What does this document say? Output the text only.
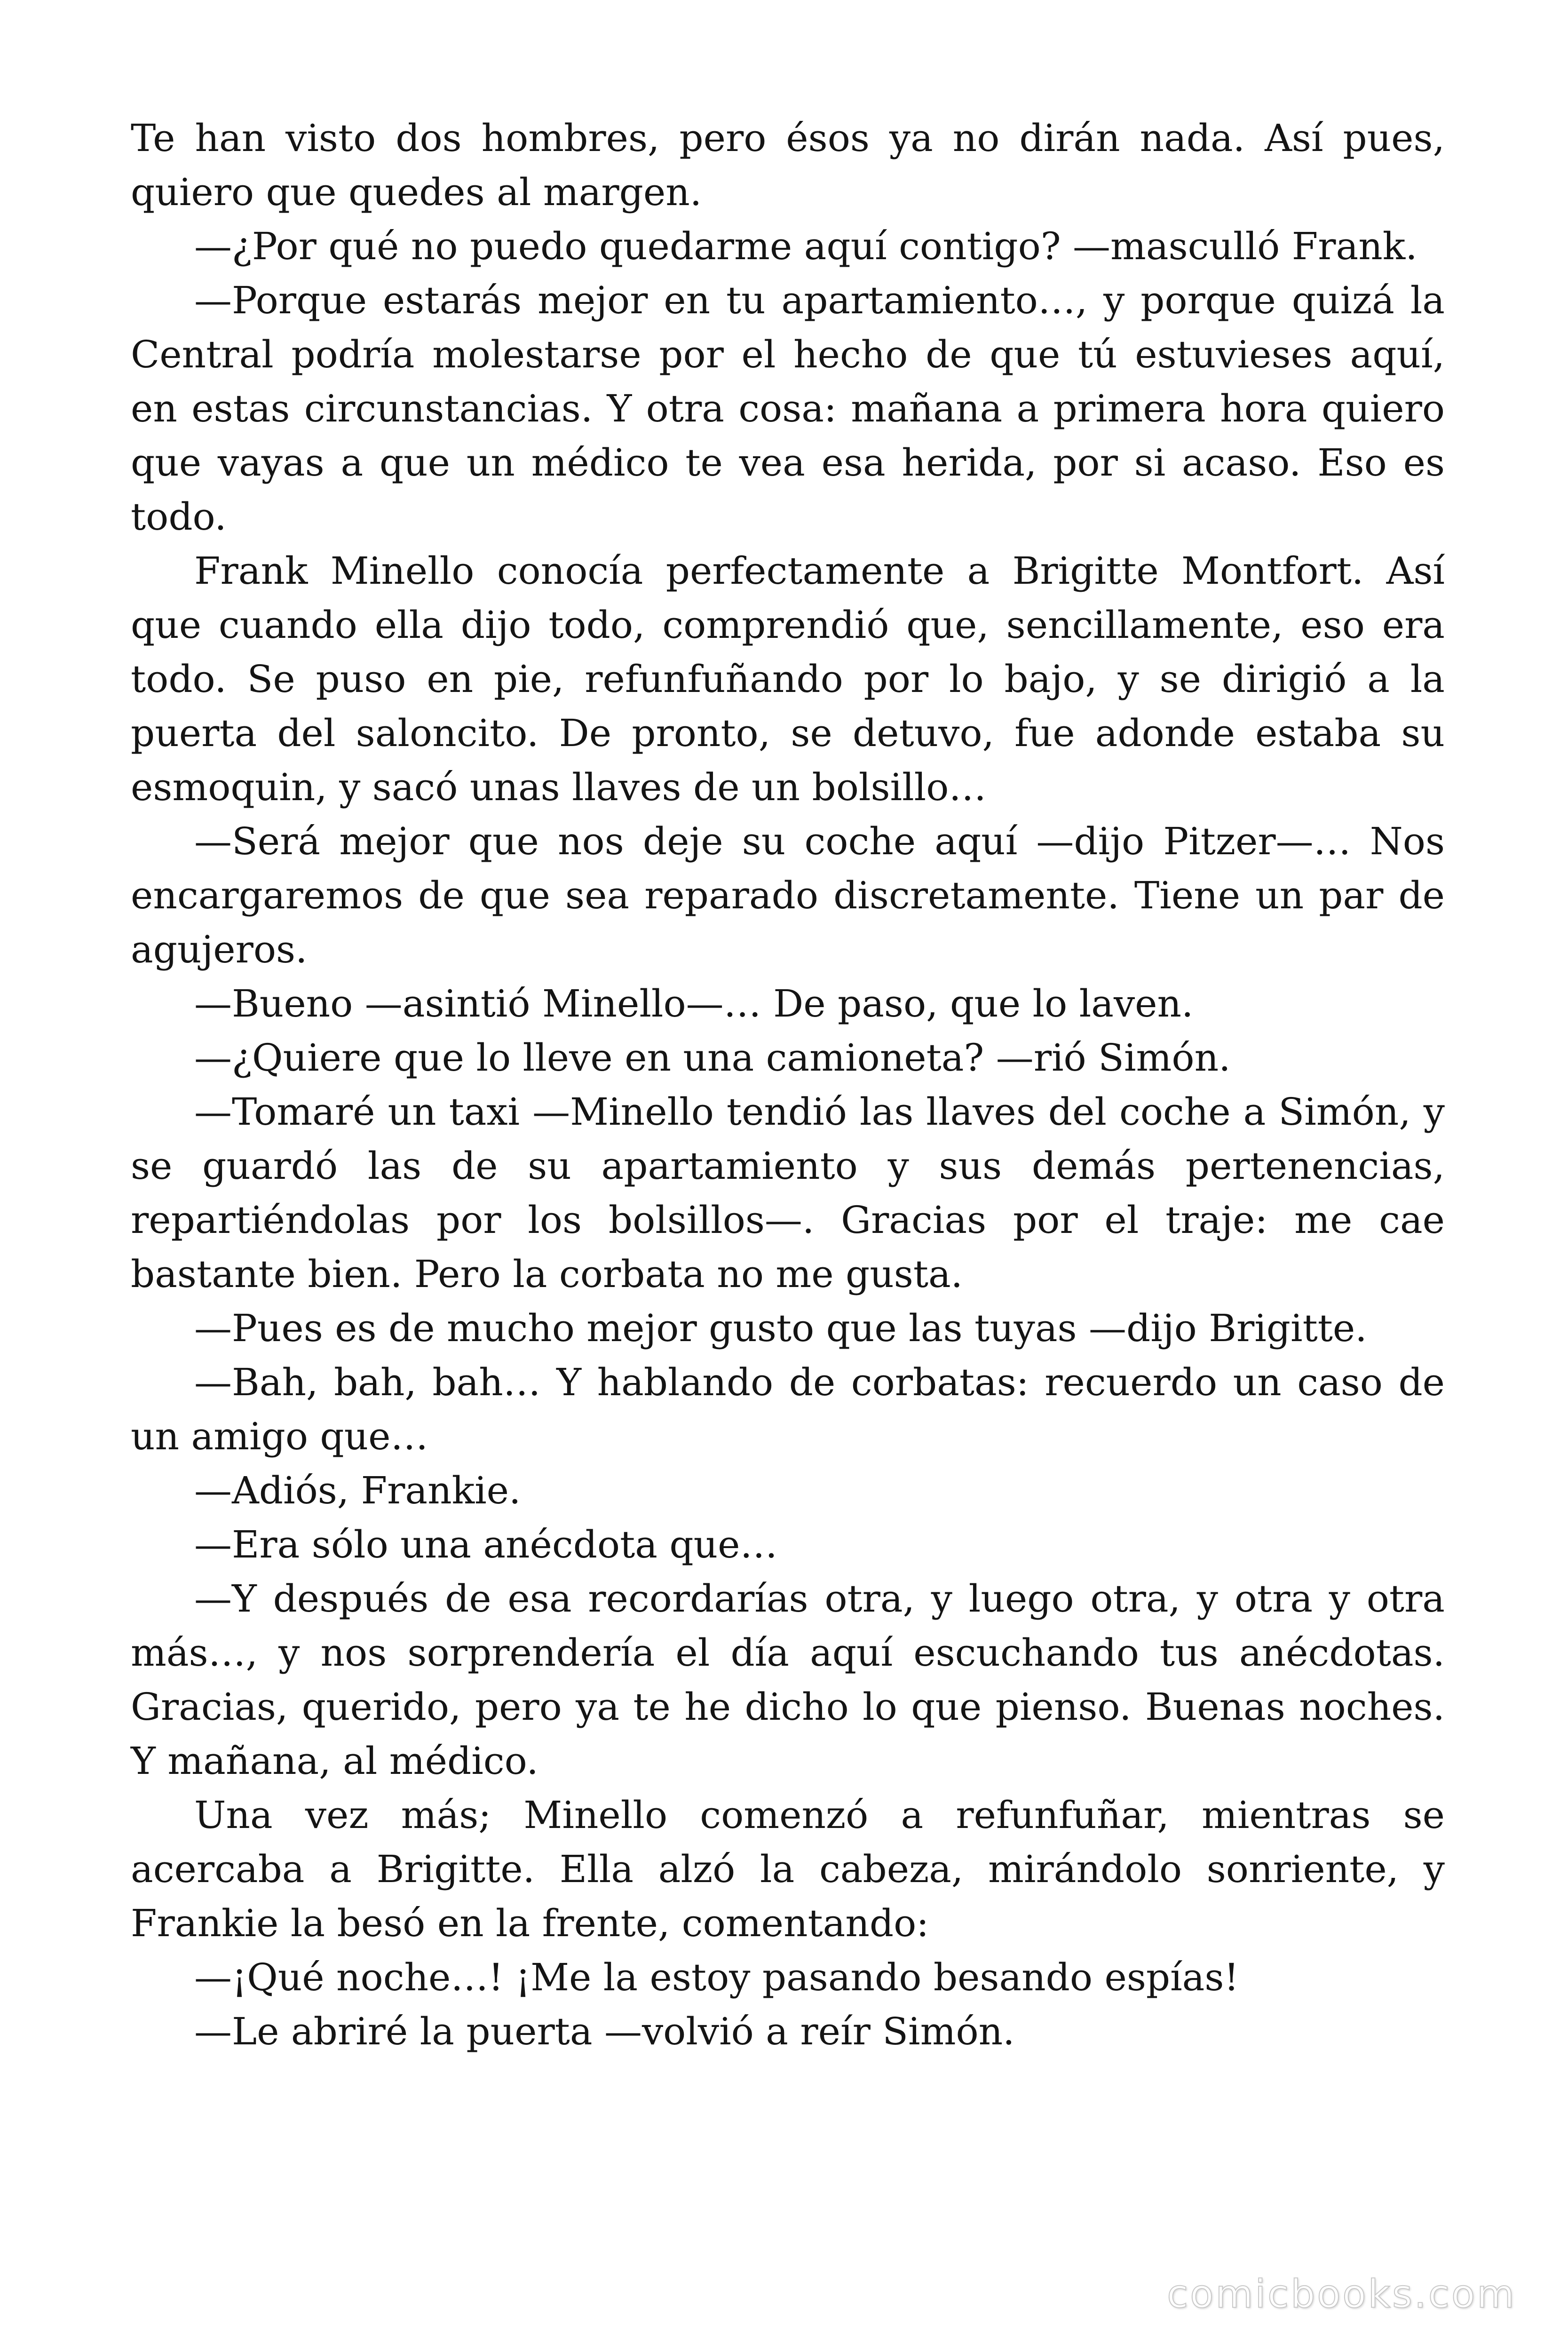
Te han visto dos hombres, pero ésos ya no dirán nada. Así pues, quiero que quedes al margen.

—¿Por qué no puedo quedarme aquí contigo? —masculló Frank.

—Porque estarás mejor en tu apartamiento…, y porque quizá la Central podría molestarse por el hecho de que tú estuvieses aquí, en estas circunstancias. Y otra cosa: mañana a primera hora quiero que vayas a que un médico te vea esa herida, por si acaso. Eso es todo.

Frank Minello conocía perfectamente a Brigitte Montfort. Así que cuando ella dijo todo, comprendió que, sencillamente, eso era todo. Se puso en pie, refunfuñando por lo bajo, y se dirigió a la puerta del saloncito. De pronto, se detuvo, fue adonde estaba su esmoquin, y sacó unas llaves de un bolsillo…

—Será mejor que nos deje su coche aquí —dijo Pitzer—… Nos encargaremos de que sea reparado discretamente. Tiene un par de agujeros.

—Bueno —asintió Minello—… De paso, que lo laven.

—¿Quiere que lo lleve en una camioneta? —rió Simón.

—Tomaré un taxi —Minello tendió las llaves del coche a Simón, y se guardó las de su apartamiento y sus demás pertenencias, repartiéndolas por los bolsillos—. Gracias por el traje: me cae bastante bien. Pero la corbata no me gusta.

—Pues es de mucho mejor gusto que las tuyas —dijo Brigitte.

—Bah, bah, bah… Y hablando de corbatas: recuerdo un caso de un amigo que…

—Adiós, Frankie.

—Era sólo una anécdota que…

—Y después de esa recordarías otra, y luego otra, y otra y otra más…, y nos sorprendería el día aquí escuchando tus anécdotas. Gracias, querido, pero ya te he dicho lo que pienso. Buenas noches. Y mañana, al médico.

Una vez más; Minello comenzó a refunfuñar, mientras se acercaba a Brigitte. Ella alzó la cabeza, mirándolo sonriente, y Frankie la besó en la frente, comentando:

—¡Qué noche…! ¡Me la estoy pasando besando espías!

—Le abriré la puerta —volvió a reír Simón.

comicbooks.com
